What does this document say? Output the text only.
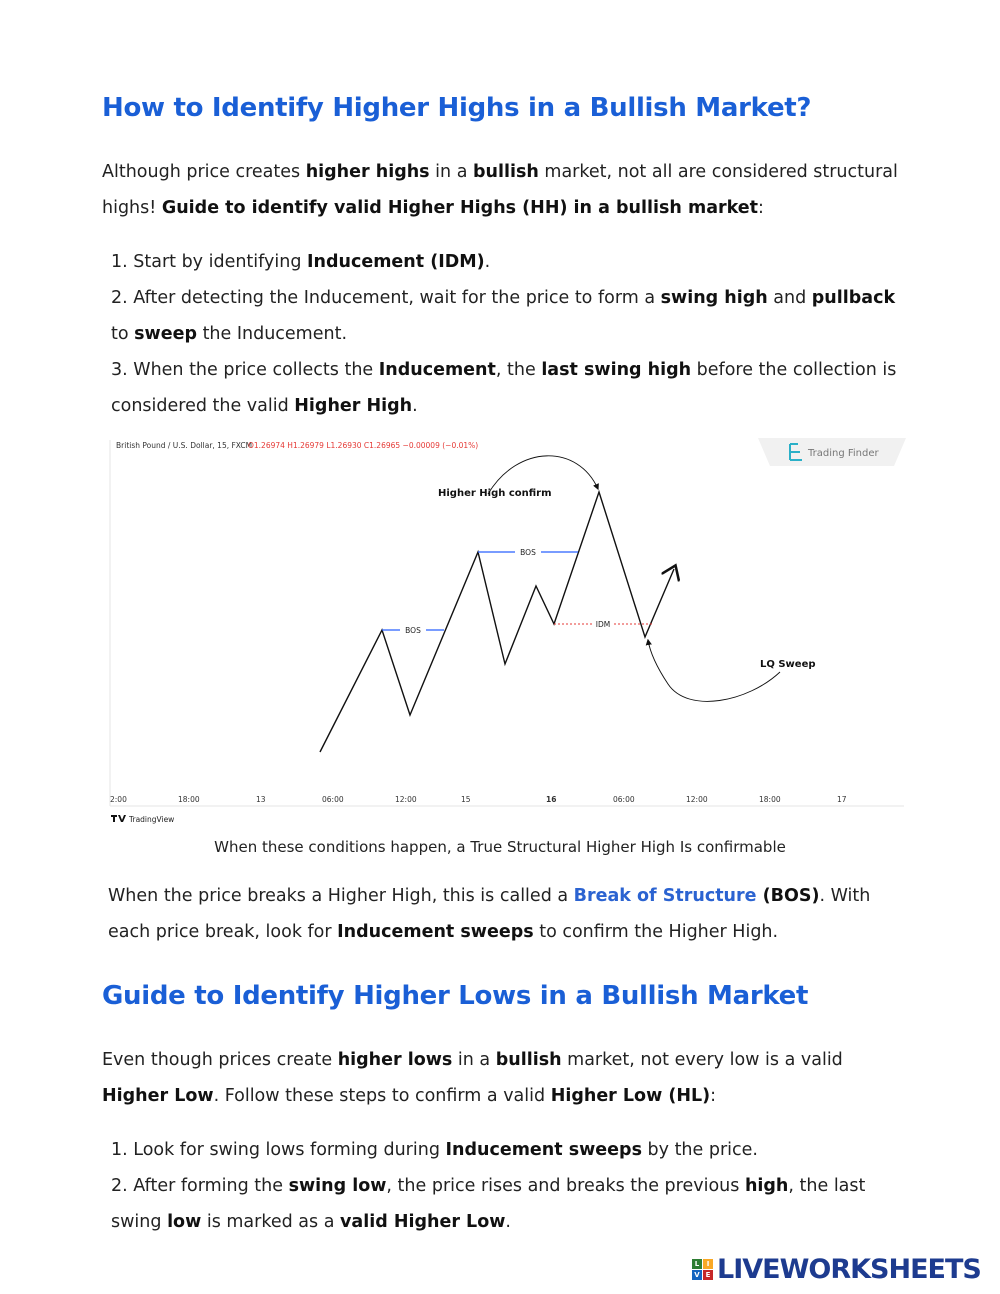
How to Identify Higher Highs in a Bullish Market?

Although price creates higher highs in a bullish market, not all are considered structural highs! Guide to identify valid Higher Highs (HH) in a bullish market:

1. Start by identifying Inducement (IDM).

2. After detecting the Inducement, wait for the price to form a swing high and pullback to sweep the Inducement.

3. When the price collects the Inducement, the last swing high before the collection is considered the valid Higher High.

British Pound / U.S. Dollar, 15, FXCM
O1.26974 H1.26979 L1.26930 C1.26965 −0.00009 (−0.01%)
Trading Finder
BOS
BOS
IDM
Higher High confirm
LQ Sweep
2:00	18:00	13	06:00	12:00	15	16	06:00	12:00	18:00	17
TradingView

When these conditions happen, a True Structural Higher High Is confirmable

When the price breaks a Higher High, this is called a Break of Structure (BOS). With each price break, look for Inducement sweeps to confirm the Higher High.

Guide to Identify Higher Lows in a Bullish Market

Even though prices create higher lows in a bullish market, not every low is a valid Higher Low. Follow these steps to confirm a valid Higher Low (HL):

1. Look for swing lows forming during Inducement sweeps by the price.

2. After forming the swing low, the price rises and breaks the previous high, the last swing low is marked as a valid Higher Low.

L	I
V E LIVEWORKSHEETS
